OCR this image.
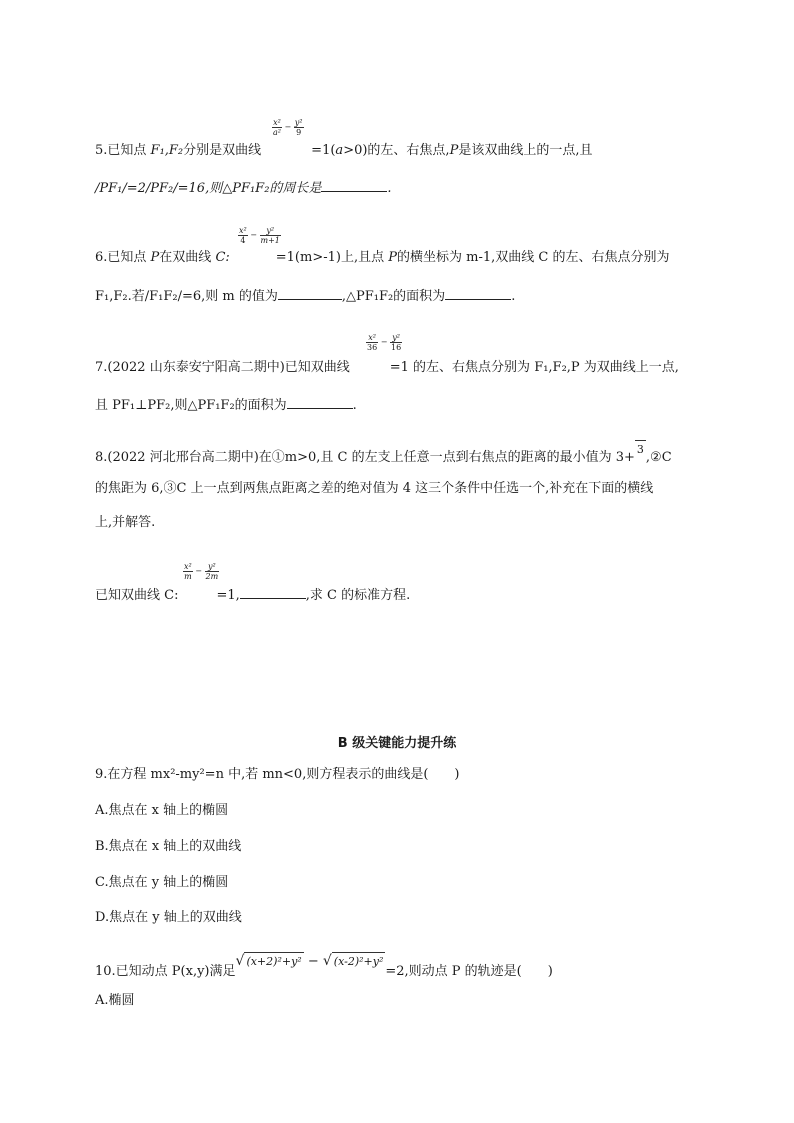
5.已知点 F₁,F₂分别是双曲线	=1(a>0)的左、右焦点,P是该双曲线上的一点,且
$\frac{\text{x²}}{\text{a²}} - \frac{\text{y²}}{9}$
/PF₁/=2/PF₂/=16,则△PF₁F₂的周长是	.
6.已知点 P在双曲线 C:	=1(m>-1)上,且点 P的横坐标为 m-1,双曲线 C 的左、右焦点分别为
$\frac{\text{x²}}{4} - \frac{\text{y²}}{m+1}$
F₁,F₂.若/F₁F₂/=6,则 m 的值为	,△PF₁F₂的面积为	.
7.(2022 山东泰安宁阳高二期中)已知双曲线	=1 的左、右焦点分别为 F₁,F₂,P 为双曲线上一点,
$\frac{\text{x²}}{36} - \frac{\text{y²}}{16}$
且 PF₁⊥PF₂,则△PF₁F₂的面积为	.
8.(2022 河北邢台高二期中)在①m>0,且 C 的左支上任意一点到右焦点的距离的最小值为 3+3,②C
的焦距为 6,③C 上一点到两焦点距离之差的绝对值为 4 这三个条件中任选一个,补充在下面的横线
上,并解答.
已知双曲线 C:	=1,	,求 C 的标准方程.
$\frac{\text{x²}}{m} - \frac{\text{y²}}{2m}$
B 级关键能力提升练
9.在方程 mx²-my²=n 中,若 mn<0,则方程表示的曲线是(　　)
A.焦点在 x 轴上的椭圆
B.焦点在 x 轴上的双曲线
C.焦点在 y 轴上的椭圆
D.焦点在 y 轴上的双曲线
10.已知动点 P(x,y)满足√ (x+2)²+y² − √ (x-2)²+y²=2,则动点 P 的轨迹是(　　)
A.椭圆
